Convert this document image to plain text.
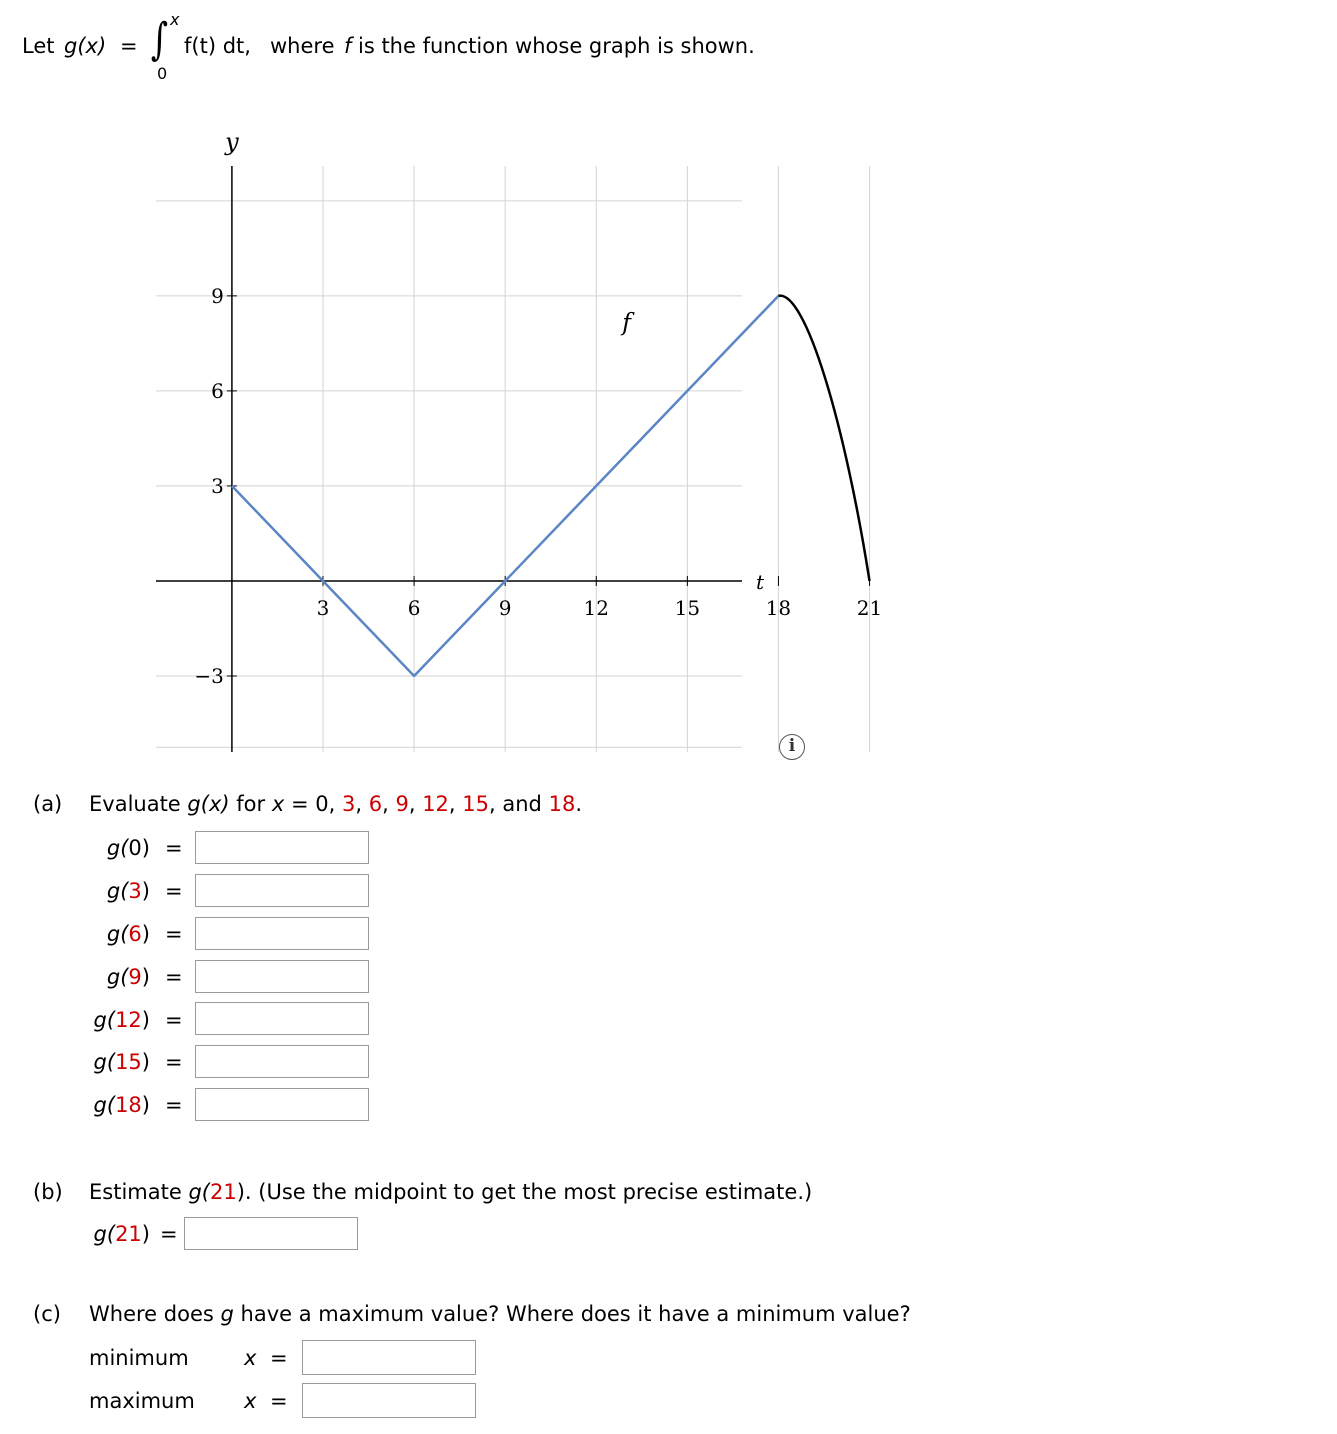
Let g(x) = ∫ x
0
f(t) dt, where f is the function whose graph is shown.
3	6	9	12	15	18	21
9
6
3
−3
y
t
f
i
(a) Evaluate g(x) for x = 0, 3, 6, 9, 12, 15, and 18.
g(0) =
g(3) =
g(6) =
g(9) =
g(12) =
g(15) =
g(18) =
(b) Estimate g(21). (Use the midpoint to get the most precise estimate.)
g(21) =
(c) Where does g have a maximum value? Where does it have a minimum value?
minimum	x =
maximum x =
